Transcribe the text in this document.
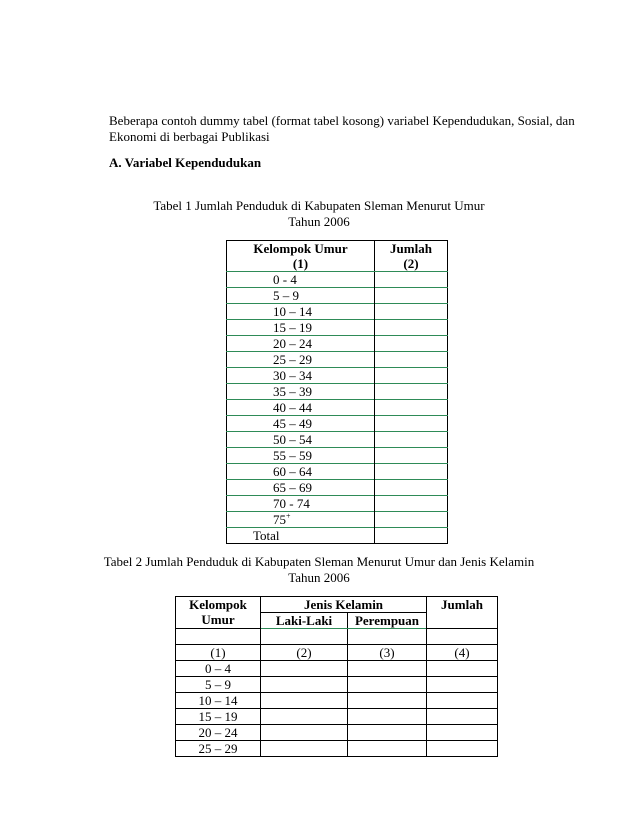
Beberapa contoh dummy tabel (format tabel kosong) variabel Kependudukan, Sosial, dan Ekonomi di berbagai Publikasi
A. Variabel Kependudukan
Tabel 1 Jumlah Penduduk di Kabupaten Sleman Menurut Umur
Tahun 2006
Kelompok Umur	Jumlah
(1)	(2)
0 - 4	
5 – 9	
10 – 14	
15 – 19	
20 – 24	
25 – 29	
30 – 34	
35 – 39	
40 – 44	
45 – 49	
50 – 54	
55 – 59	
60 – 64	
65 – 69	
70 - 74	
75+	
Total	
Tabel 2 Jumlah Penduduk di Kabupaten Sleman Menurut Umur dan Jenis Kelamin
Tahun 2006
Kelompok
Umur	Jenis Kelamin		Jumlah
	Laki-Laki	Perempuan	

(1)	(2)	(3)	(4)
0 – 4			
5 – 9			
10 – 14			
15 – 19			
20 – 24			
25 – 29			
